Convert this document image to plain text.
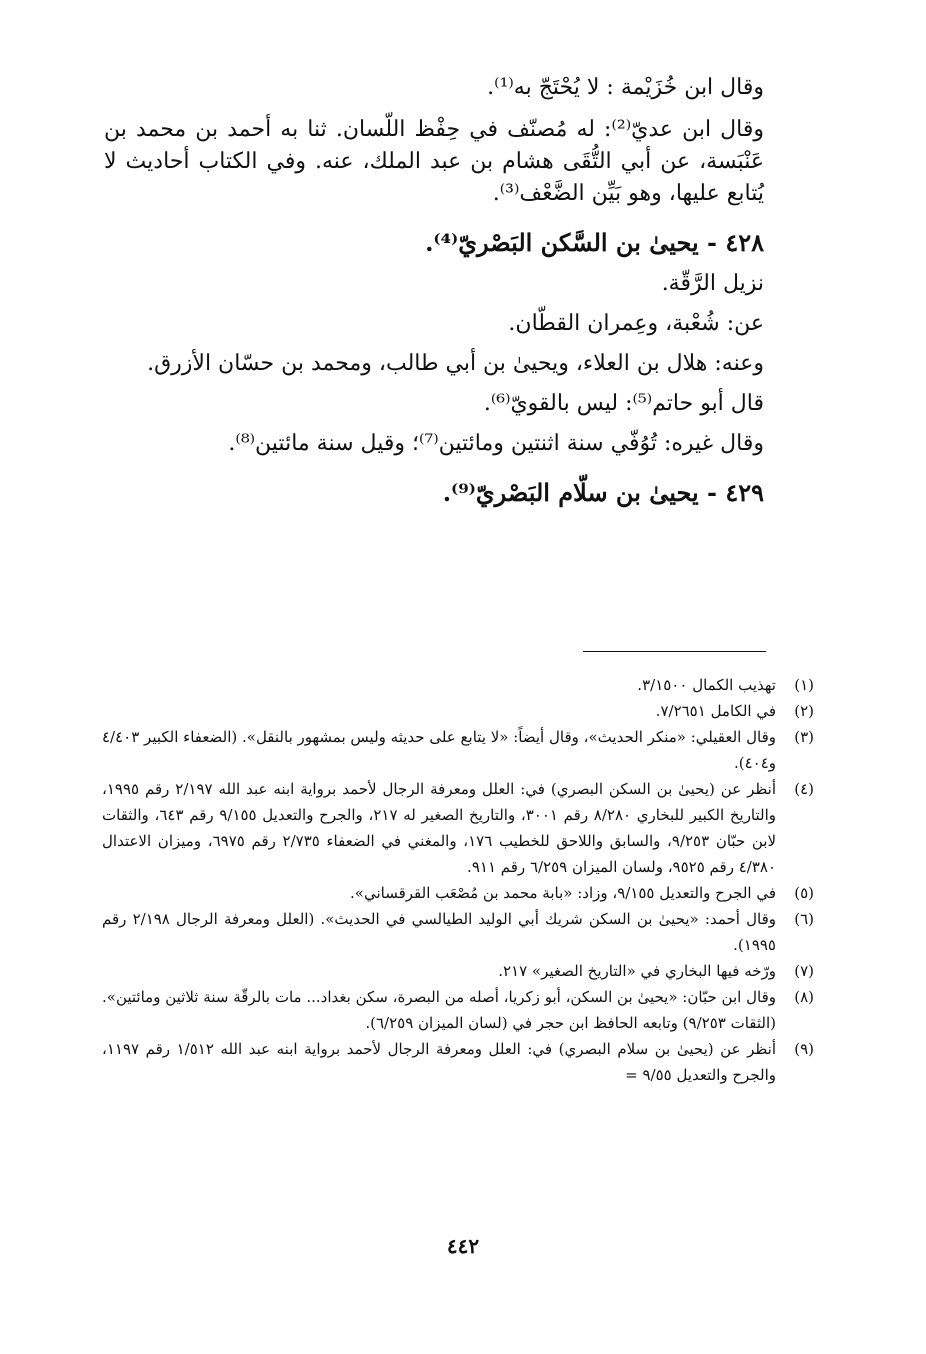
وقال ابن خُزَيْمة : لا يُحْتَجّ به⁽¹⁾.

وقال ابن عديّ⁽²⁾: له مُصنّف في حِفْظ اللّسان. ثنا به أحمد بن محمد بن عَنْبَسة، عن أبي التُّقَى هشام بن عبد الملك، عنه. وفي الكتاب أحاديث لا يُتابع عليها، وهو بَيِّن الضَّعْف⁽³⁾.

٤٢٨ - يحيىٰ بن السَّكن البَصْريّ⁽⁴⁾.

نزيل الرَّقّة.

عن: شُعْبة، وعِمران القطّان.

وعنه: هلال بن العلاء، ويحيىٰ بن أبي طالب، ومحمد بن حسّان الأزرق.

قال أبو حاتم⁽⁵⁾: ليس بالقويّ⁽⁶⁾.

وقال غيره: تُوُفّي سنة اثنتين ومائتين⁽⁷⁾؛ وقيل سنة مائتين⁽⁸⁾.

٤٢٩ - يحيىٰ بن سلّام البَصْريّ⁽⁹⁾.

(١)
تهذيب الكمال ٣/١٥٠٠.
(٢)
في الكامل ٧/٢٦٥١.
(٣)
وقال العقيلي: «منكر الحديث»، وقال أيضاً: «لا يتابع على حديثه وليس بمشهور بالنقل». (الضعفاء الكبير ٤/٤٠٣ و٤٠٤).
(٤)
أنظر عن (يحيىٰ بن السكن البصري) في: العلل ومعرفة الرجال لأحمد برواية ابنه عبد الله ٢/١٩٧ رقم ١٩٩٥، والتاريخ الكبير للبخاري ٨/٢٨٠ رقم ٣٠٠١، والتاريخ الصغير له ٢١٧، والجرح والتعديل ٩/١٥٥ رقم ٦٤٣، والثقات لابن حبّان ٩/٢٥٣، والسابق واللاحق للخطيب ١٧٦، والمغني في الضعفاء ٢/٧٣٥ رقم ٦٩٧٥، وميزان الاعتدال ٤/٣٨٠ رقم ٩٥٢٥، ولسان الميزان ٦/٢٥٩ رقم ٩١١.
(٥)
في الجرح والتعديل ٩/١٥٥، وزاد: «بابة محمد بن مُصْعَب القرقساني».
(٦)
وقال أحمد: «يحيىٰ بن السكن شريك أبي الوليد الطيالسي في الحديث». (العلل ومعرفة الرجال ٢/١٩٨ رقم ١٩٩٥).
(٧)
ورّخه فيها البخاري في «التاريخ الصغير» ٢١٧.
(٨)
وقال ابن حبّان: «يحيىٰ بن السكن، أبو زكريا، أصله من البصرة، سكن بغداد... مات بالرقّة سنة ثلاثين ومائتين». (الثقات ٩/٢٥٣) وتابعه الحافظ ابن حجر في (لسان الميزان ٦/٢٥٩).
(٩)
أنظر عن (يحيىٰ بن سلام البصري) في: العلل ومعرفة الرجال لأحمد برواية ابنه عبد الله ١/٥١٢ رقم ١١٩٧، والجرح والتعديل ٩/٥٥ =
٤٤٢
